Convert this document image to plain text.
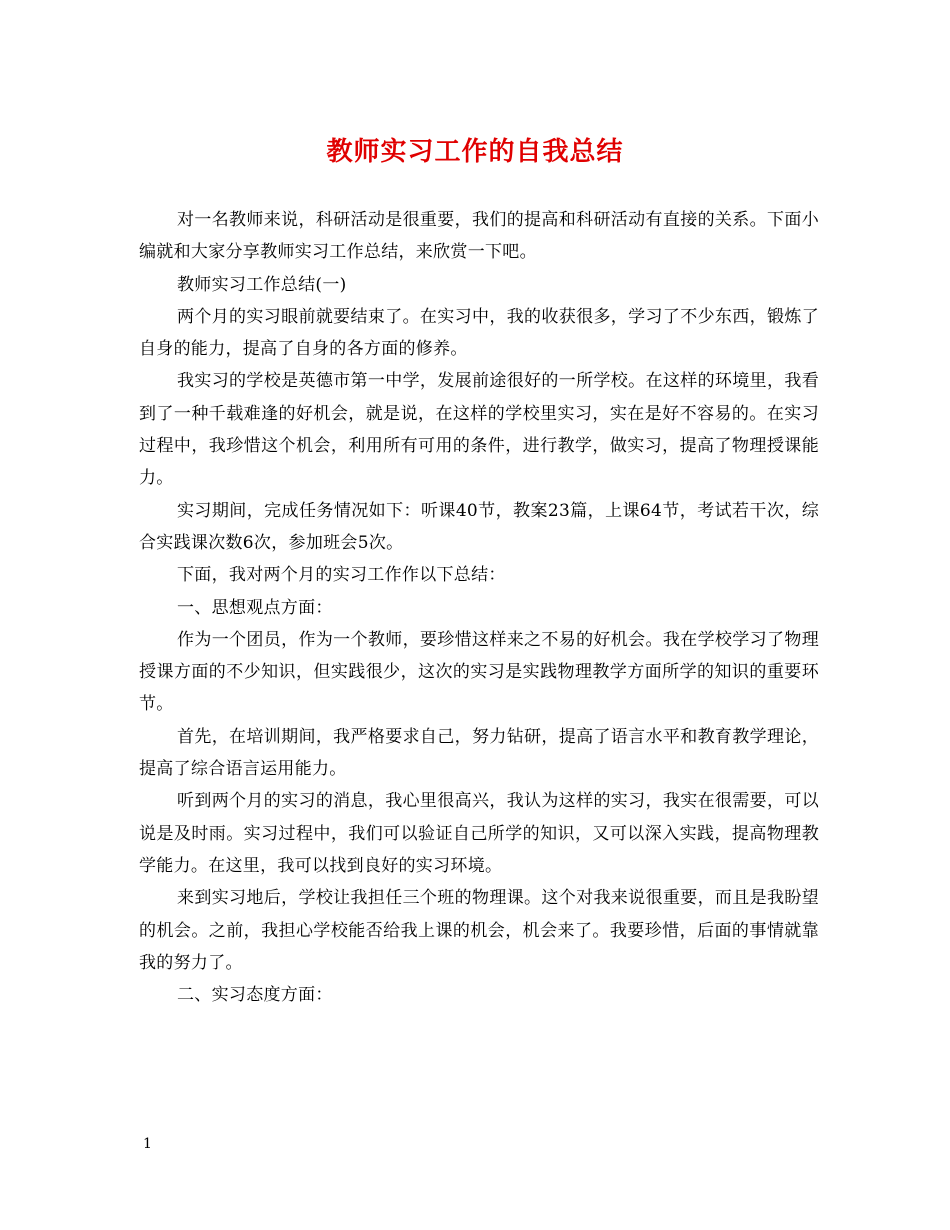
教师实习工作的自我总结

对一名教师来说，科研活动是很重要，我们的提高和科研活动有直接的关系。下面小编就和大家分享教师实习工作总结，来欣赏一下吧。

教师实习工作总结(一)

两个月的实习眼前就要结束了。在实习中，我的收获很多，学习了不少东西，锻炼了自身的能力，提高了自身的各方面的修养。

我实习的学校是英德市第一中学，发展前途很好的一所学校。在这样的环境里，我看到了一种千载难逢的好机会，就是说，在这样的学校里实习，实在是好不容易的。在实习过程中，我珍惜这个机会，利用所有可用的条件，进行教学，做实习，提高了物理授课能力。

实习期间，完成任务情况如下：听课40节，教案23篇，上课64节，考试若干次，综合实践课次数6次，参加班会5次。

下面，我对两个月的实习工作作以下总结：

一、思想观点方面：

作为一个团员，作为一个教师，要珍惜这样来之不易的好机会。我在学校学习了物理授课方面的不少知识，但实践很少，这次的实习是实践物理教学方面所学的知识的重要环节。

首先，在培训期间，我严格要求自己，努力钻研，提高了语言水平和教育教学理论，提高了综合语言运用能力。

听到两个月的实习的消息，我心里很高兴，我认为这样的实习，我实在很需要，可以说是及时雨。实习过程中，我们可以验证自己所学的知识，又可以深入实践，提高物理教学能力。在这里，我可以找到良好的实习环境。

来到实习地后，学校让我担任三个班的物理课。这个对我来说很重要，而且是我盼望的机会。之前，我担心学校能否给我上课的机会，机会来了。我要珍惜，后面的事情就靠我的努力了。

二、实习态度方面：

1
